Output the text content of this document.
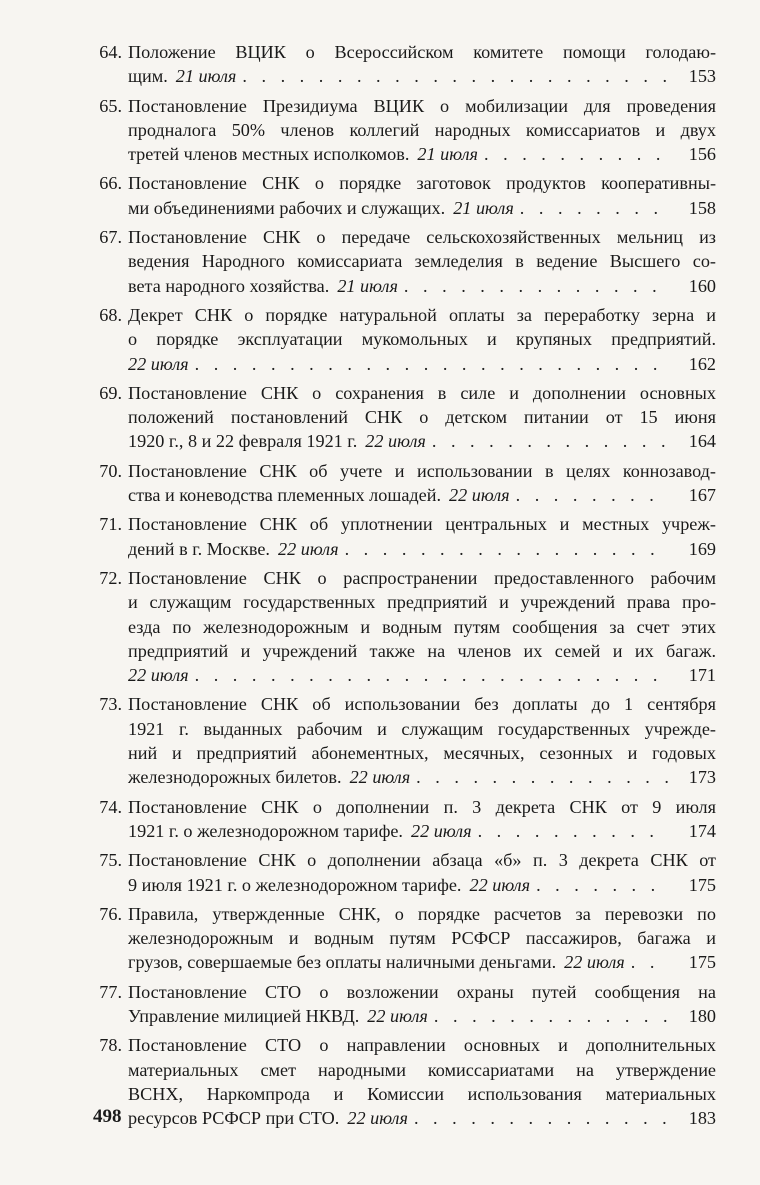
64. Положение ВЦИК о Всероссийском комитете помощи голодаю-
щим. 21 июля . . .	153
65. Постановление Президиума ВЦИК о мобилизации для проведения
продналога 50% членов коллегий народных комиссариатов и двух
третей членов местных исполкомов. 21 июля . . .	156
66. Постановление СНК о порядке заготовок продуктов кооперативны-
ми объединениями рабочих и служащих. 21 июля . . .	158
67. Постановление СНК о передаче сельскохозяйственных мельниц из
ведения Народного комиссариата земледелия в ведение Высшего со-
вета народного хозяйства. 21 июля . . .	160
68. Декрет СНК о порядке натуральной оплаты за переработку зерна и
о порядке эксплуатации мукомольных и крупяных предприятий.
22 июля . . .	162
69. Постановление СНК о сохранения в силе и дополнении основных
положений постановлений СНК о детском питании от 15 июня
1920 г., 8 и 22 февраля 1921 г. 22 июля . . .	164
70. Постановление СНК об учете и использовании в целях коннозавод-
ства и коневодства племенных лошадей. 22 июля . . .	167
71. Постановление СНК об уплотнении центральных и местных учреж-
дений в г. Москве. 22 июля . . .	169
72. Постановление СНК о распространении предоставленного рабочим
и служащим государственных предприятий и учреждений права про-
езда по железнодорожным и водным путям сообщения за счет этих
предприятий и учреждений также на членов их семей и их багаж.
22 июля . . .	171
73. Постановление СНК об использовании без доплаты до 1 сентября
1921 г. выданных рабочим и служащим государственных учрежде-
ний и предприятий абонементных, месячных, сезонных и годовых
железнодорожных билетов. 22 июля . . .	173
74. Постановление СНК о дополнении п. 3 декрета СНК от 9 июля
1921 г. о железнодорожном тарифе. 22 июля . . .	174
75. Постановление СНК о дополнении абзаца «б» п. 3 декрета СНК от
9 июля 1921 г. о железнодорожном тарифе. 22 июля . . .	175
76. Правила, утвержденные СНК, о порядке расчетов за перевозки по
железнодорожным и водным путям РСФСР пассажиров, багажа и
грузов, совершаемые без оплаты наличными деньгами. 22 июля . . .	175
77. Постановление СТО о возложении охраны путей сообщения на
Управление милицией НКВД. 22 июля . . .	180
78. Постановление СТО о направлении основных и дополнительных
материальных смет народными комиссариатами на утверждение
ВСНХ, Наркомпрода и Комиссии использования материальных
ресурсов РСФСР при СТО. 22 июля . . .	183
498
